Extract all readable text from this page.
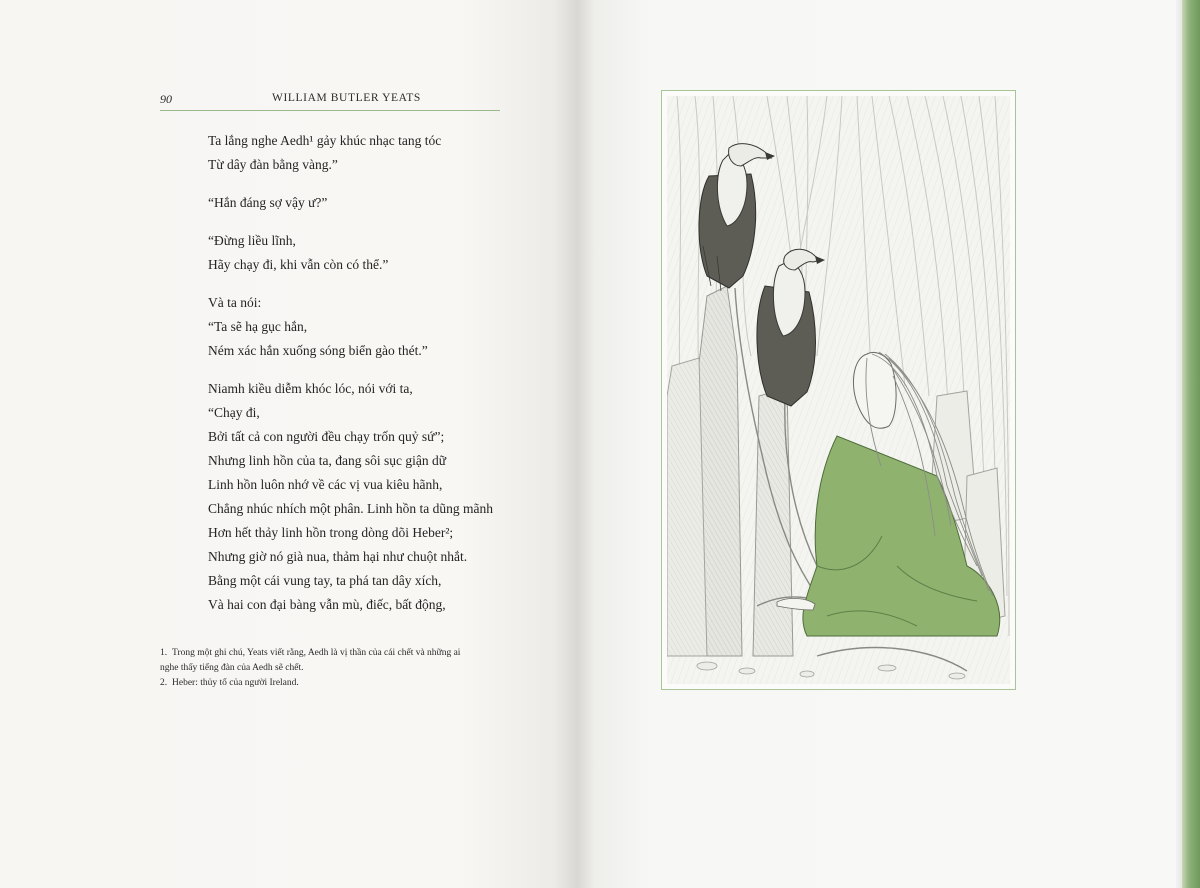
90	WILLIAM BUTLER YEATS
Ta lắng nghe Aedh¹ gảy khúc nhạc tang tóc
Từ dây đàn bằng vàng.”
“Hắn đáng sợ vậy ư?”
“Đừng liều lĩnh,
Hãy chạy đi, khi vẫn còn có thể.”
Và ta nói:
“Ta sẽ hạ gục hắn,
Ném xác hắn xuống sóng biển gào thét.”
Niamh kiều diễm khóc lóc, nói với ta,
“Chạy đi,
Bởi tất cả con người đều chạy trốn quỷ sứ”;
Nhưng linh hồn của ta, đang sôi sục giận dữ
Linh hồn luôn nhớ về các vị vua kiêu hãnh,
Chẳng nhúc nhích một phân. Linh hồn ta dũng mãnh
Hơn hết thảy linh hồn trong dòng dõi Heber²;
Nhưng giờ nó già nua, thảm hại như chuột nhắt.
Bằng một cái vung tay, ta phá tan dây xích,
Và hai con đại bàng vẫn mù, điếc, bất động,
1. Trong một ghi chú, Yeats viết rằng, Aedh là vị thần của cái chết và những ai
nghe thấy tiếng đàn của Aedh sẽ chết.
2. Heber: thủy tổ của người Ireland.
